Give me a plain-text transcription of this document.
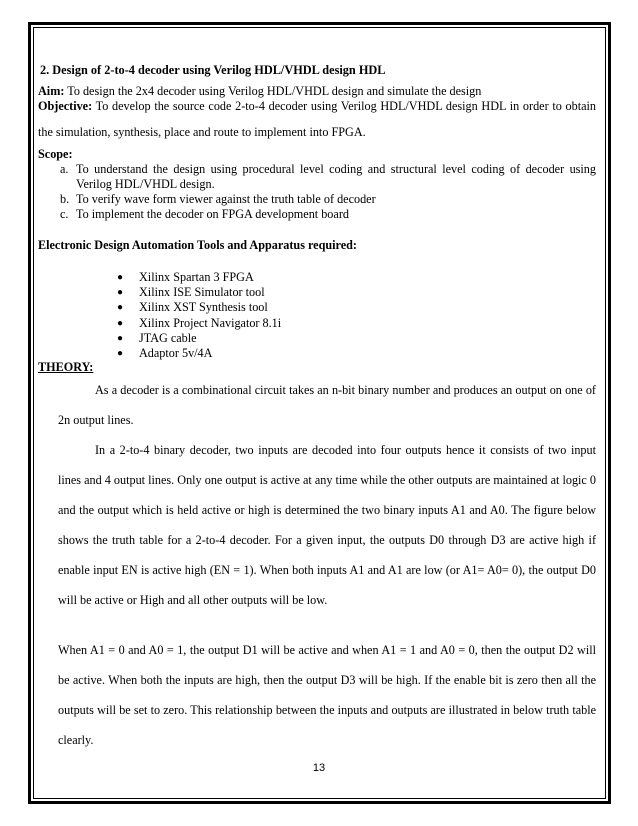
2. Design of 2-to-4 decoder using Verilog HDL/VHDL design HDL

Aim: To design the 2x4 decoder using Verilog HDL/VHDL design and simulate the design

Objective: To develop the source code 2-to-4 decoder using Verilog HDL/VHDL design HDL in order to obtain the simulation, synthesis, place and route to implement into FPGA.

Scope:

a. To understand the design using procedural level coding and structural level coding of decoder using Verilog HDL/VHDL design.
b. To verify wave form viewer against the truth table of decoder
c. To implement the decoder on FPGA development board

Electronic Design Automation Tools and Apparatus required:

● Xilinx Spartan 3 FPGA
● Xilinx ISE Simulator tool
● Xilinx XST Synthesis tool
● Xilinx Project Navigator 8.1i
● JTAG cable
● Adaptor 5v/4A

THEORY:

As a decoder is a combinational circuit takes an n-bit binary number and produces an output on one of 2n output lines.

In a 2-to-4 binary decoder, two inputs are decoded into four outputs hence it consists of two input lines and 4 output lines. Only one output is active at any time while the other outputs are maintained at logic 0 and the output which is held active or high is determined the two binary inputs A1 and A0. The figure below shows the truth table for a 2-to-4 decoder. For a given input, the outputs D0 through D3 are active high if enable input EN is active high (EN = 1). When both inputs A1 and A1 are low (or A1= A0= 0), the output D0 will be active or High and all other outputs will be low.

When A1 = 0 and A0 = 1, the output D1 will be active and when A1 = 1 and A0 = 0, then the output D2 will be active. When both the inputs are high, then the output D3 will be high. If the enable bit is zero then all the outputs will be set to zero. This relationship between the inputs and outputs are illustrated in below truth table clearly.

13
